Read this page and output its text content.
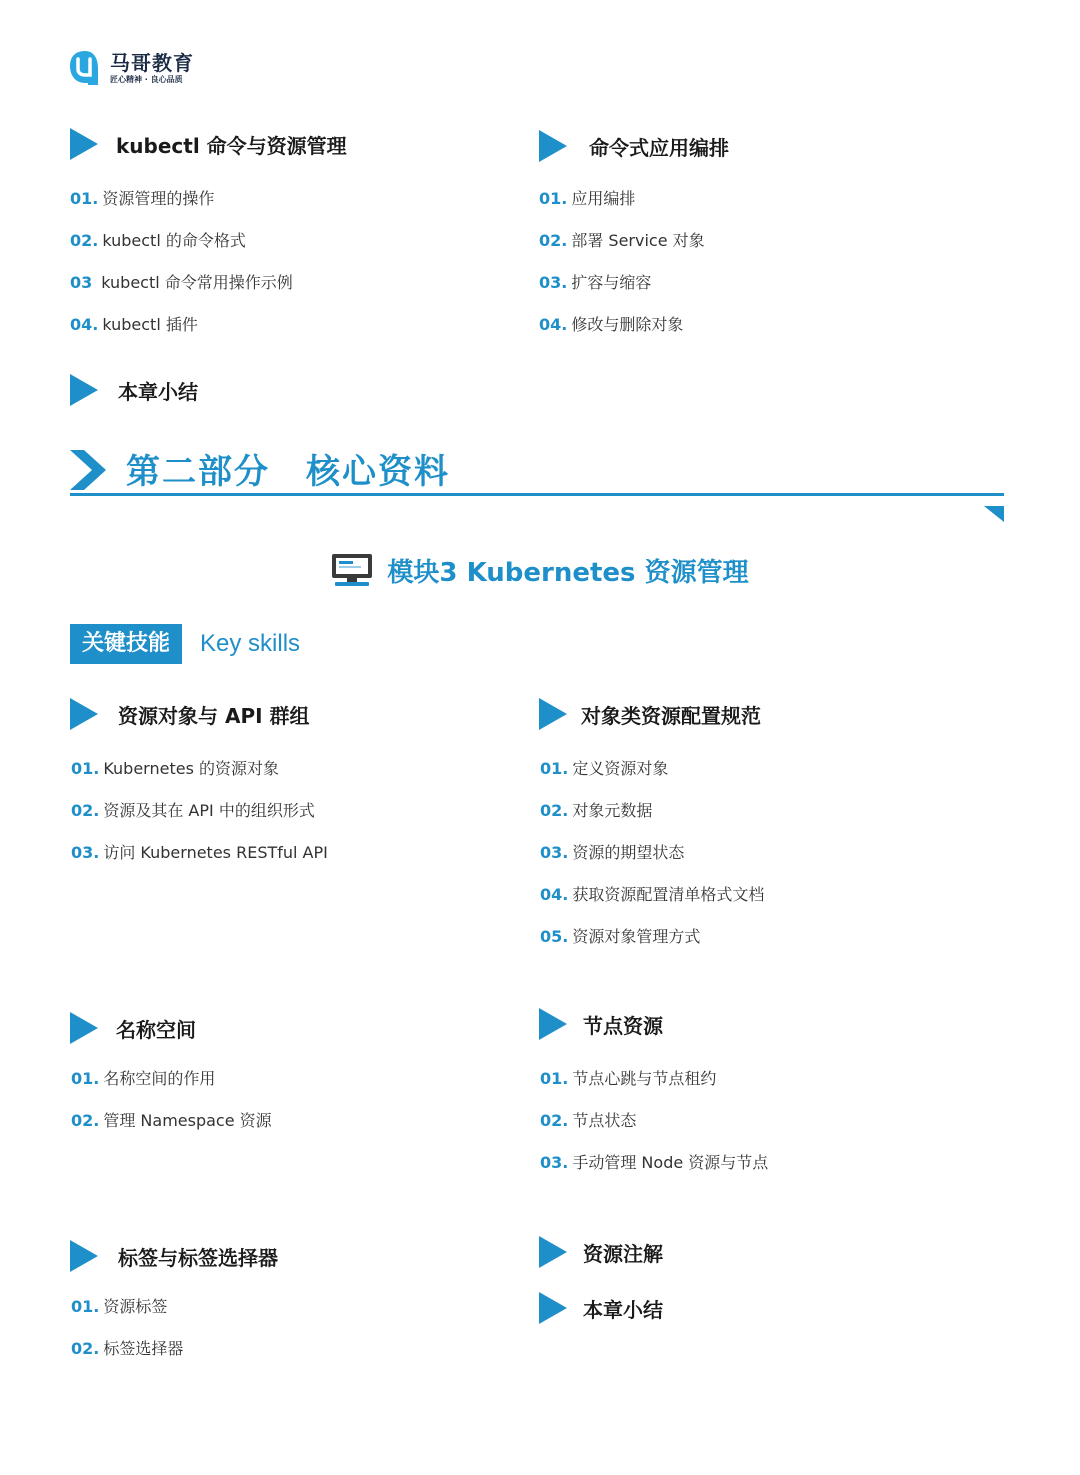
马哥教育
匠心精神 · 良心品质
kubectl 命令与资源管理
01. 资源管理的操作
02. kubectl 的命令格式
03 kubectl 命令常用操作示例
04. kubectl 插件
本章小结
命令式应用编排
01. 应用编排
02. 部署 Service 对象
03. 扩容与缩容
04. 修改与删除对象
第二部分　核心资料
模块3 Kubernetes 资源管理
关键技能	Key skills
资源对象与 API 群组
01. Kubernetes 的资源对象
02. 资源及其在 API 中的组织形式
03. 访问 Kubernetes RESTful API
对象类资源配置规范
01. 定义资源对象
02. 对象元数据
03. 资源的期望状态
04. 获取资源配置清单格式文档
05. 资源对象管理方式
名称空间
01. 名称空间的作用
02. 管理 Namespace 资源
节点资源
01. 节点心跳与节点租约
02. 节点状态
03. 手动管理 Node 资源与节点
标签与标签选择器
01. 资源标签
02. 标签选择器
资源注解
本章小结
